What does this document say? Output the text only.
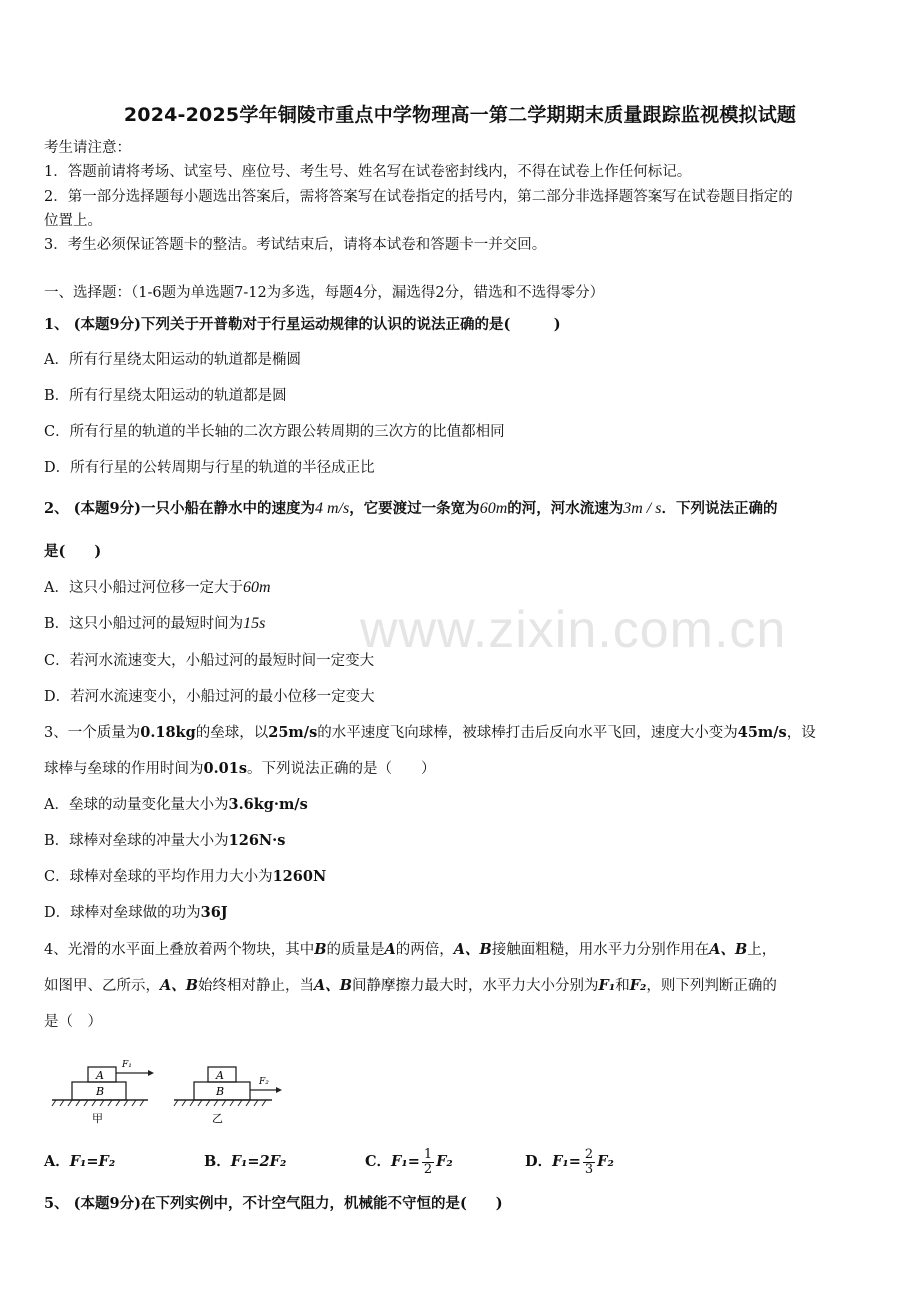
2024-2025学年铜陵市重点中学物理高一第二学期期末质量跟踪监视模拟试题
考生请注意：
1．答题前请将考场、试室号、座位号、考生号、姓名写在试卷密封线内，不得在试卷上作任何标记。
2．第一部分选择题每小题选出答案后，需将答案写在试卷指定的括号内，第二部分非选择题答案写在试卷题目指定的
位置上。
3．考生必须保证答题卡的整洁。考试结束后，请将本试卷和答题卡一并交回。
一、选择题：（1-6题为单选题7-12为多选，每题4分，漏选得2分，错选和不选得零分）
1、 (本题9分)下列关于开普勒对于行星运动规律的认识的说法正确的是(　　　)
A．所有行星绕太阳运动的轨道都是椭圆
B．所有行星绕太阳运动的轨道都是圆
C．所有行星的轨道的半长轴的二次方跟公转周期的三次方的比值都相同
D．所有行星的公转周期与行星的轨道的半径成正比
2、 (本题9分)一只小船在静水中的速度为4 m/s，它要渡过一条宽为60m的河，河水流速为3m / s．下列说法正确的
是(　　)
A．这只小船过河位移一定大于60m
B．这只小船过河的最短时间为15s
C．若河水流速变大，小船过河的最短时间一定变大
D．若河水流速变小，小船过河的最小位移一定变大
3、一个质量为0.18kg的垒球，以25m/s的水平速度飞向球棒，被球棒打击后反向水平飞回，速度大小变为45m/s，设
球棒与垒球的作用时间为0.01s。下列说法正确的是（　　）
A．垒球的动量变化量大小为3.6kg·m/s
B．球棒对垒球的冲量大小为126N·s
C．球棒对垒球的平均作用力大小为1260N
D．球棒对垒球做的功为36J
4、光滑的水平面上叠放着两个物块，其中B的质量是A的两倍，A、B接触面粗糙，用水平力分别作用在A、B上，
如图甲、乙所示，A、B始终相对静止，当A、B间静摩擦力最大时，水平力大小分别为F₁和F₂，则下列判断正确的
是（　）
A
B
F₁
甲
A
B
F₂
乙
A．F₁=F₂	B．F₁=2F₂	C．$F_1= \frac{1}{2} F_2$	D．$F_1= \frac{2}{3} F_2$
5、 (本题9分)在下列实例中，不计空气阻力，机械能不守恒的是(　　)
www.zixin.com.cn
